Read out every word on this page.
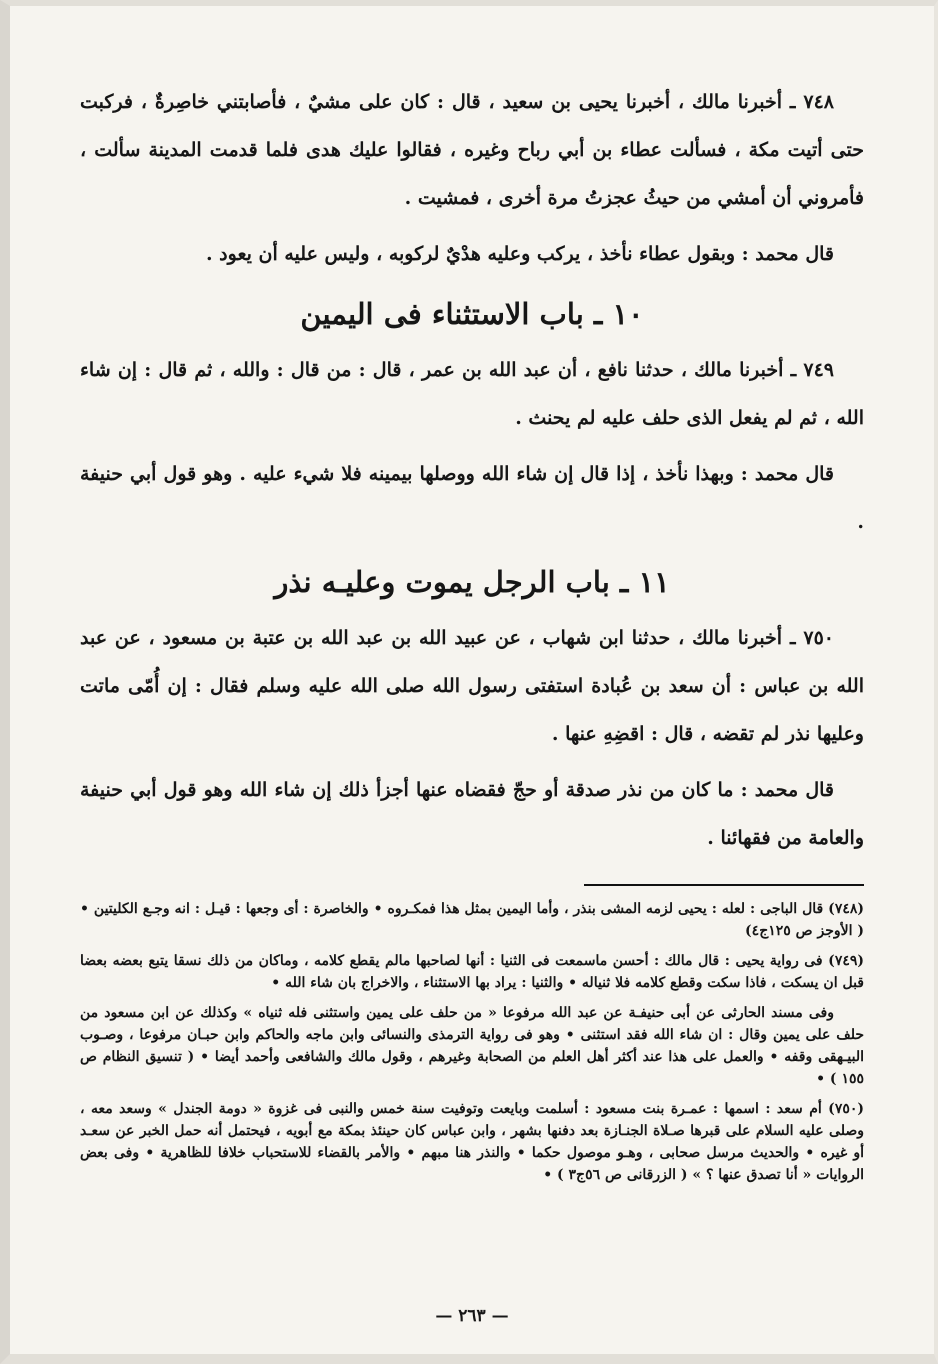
٧٤٨ ـ أخبرنا مالك ، أخبرنا يحيى بن سعيد ، قال : كان على مشيٌ ، فأصابتني خاصِرةٌ ، فركبت حتى أتيت مكة ، فسألت عطاء بن أبي رباح وغيره ، فقالوا عليك هدى فلما قدمت المدينة سألت ، فأمروني أن أمشي من حيثُ عجزتُ مرة أخرى ، فمشيت .

قال محمد : وبقول عطاء نأخذ ، يركب وعليه هدْيٌ لركوبه ، وليس عليه أن يعود .

١٠ ـ باب الاستثناء فى اليمين

٧٤٩ ـ أخبرنا مالك ، حدثنا نافع ، أن عبد الله بن عمر ، قال : من قال : والله ، ثم قال : إن شاء الله ، ثم لم يفعل الذى حلف عليه لم يحنث .

قال محمد : وبهذا نأخذ ، إذا قال إن شاء الله ووصلها بيمينه فلا شيء عليه . وهو قول أبي حنيفة .

١١ ـ باب الرجل يموت وعليـه نذر

٧٥٠ ـ أخبرنا مالك ، حدثنا ابن شهاب ، عن عبيد الله بن عبد الله بن عتبة بن مسعود ، عن عبد الله بن عباس : أن سعد بن عُبادة استفتى رسول الله صلى الله عليه وسلم فقال : إن أُمّى ماتت وعليها نذر لم تقضه ، قال : اقضِهِ عنها .

قال محمد : ما كان من نذر صدقة أو حجّ فقضاه عنها أجزأ ذلك إن شاء الله وهو قول أبي حنيفة والعامة من فقهائنا .

(٧٤٨) قال الباجى : لعله : يحيى لزمه المشى بنذر ، وأما اليمين بمثل هذا فمكـروه • والخاصرة : أى وجعها : قيـل : انه وجـع الكليتين • ( الأوجز ص ١٢٥ج٤)

(٧٤٩) فى رواية يحيى : قال مالك : أحسن ماسمعت فى الثنيا : أنها لصاحبها مالم يقطع كلامه ، وماكان من ذلك نسقا يتبع بعضه بعضا قبل ان يسكت ، فاذا سكت وقطع كلامه فلا ثنياله • والثنيا : يراد بها الاستثناء ، والاخراج بان شاء الله •

وفى مسند الحارثى عن أبى حنيفـة عن عبد الله مرفوعا « من حلف على يمين واستثنى فله ثنياه » وكذلك عن ابن مسعود من حلف على يمين وقال : ان شاء الله فقد استثنى • وهو فى رواية الترمذى والنسائى وابن ماجه والحاكم وابن حبـان مرفوعا ، وصـوب البيـهقى وقفه • والعمل على هذا عند أكثر أهل العلم من الصحابة وغيرهم ، وقول مالك والشافعى وأحمد أيضا • ( تنسيق النظام ص ١٥٥ ) •

(٧٥٠) أم سعد : اسمها : عمـرة بنت مسعود : أسلمت وبايعت وتوفيت سنة خمس والنبى فى غزوة « دومة الجندل » وسعد معه ، وصلى عليه السلام على قبرها صـلاة الجنـازة بعد دفنها بشهر ، وابن عباس كان حينئذ بمكة مع أبويه ، فيحتمل أنه حمل الخبر عن سعـد أو غيره • والحديث مرسل صحابى ، وهـو موصول حكما • والنذر هنا مبهم • والأمر بالقضاء للاستحباب خلافا للظاهرية • وفى بعض الروايات « أنا تصدق عنها ؟ » ( الزرقانى ص ٥٦ج٣ ) •

— ٢٦٣ —
